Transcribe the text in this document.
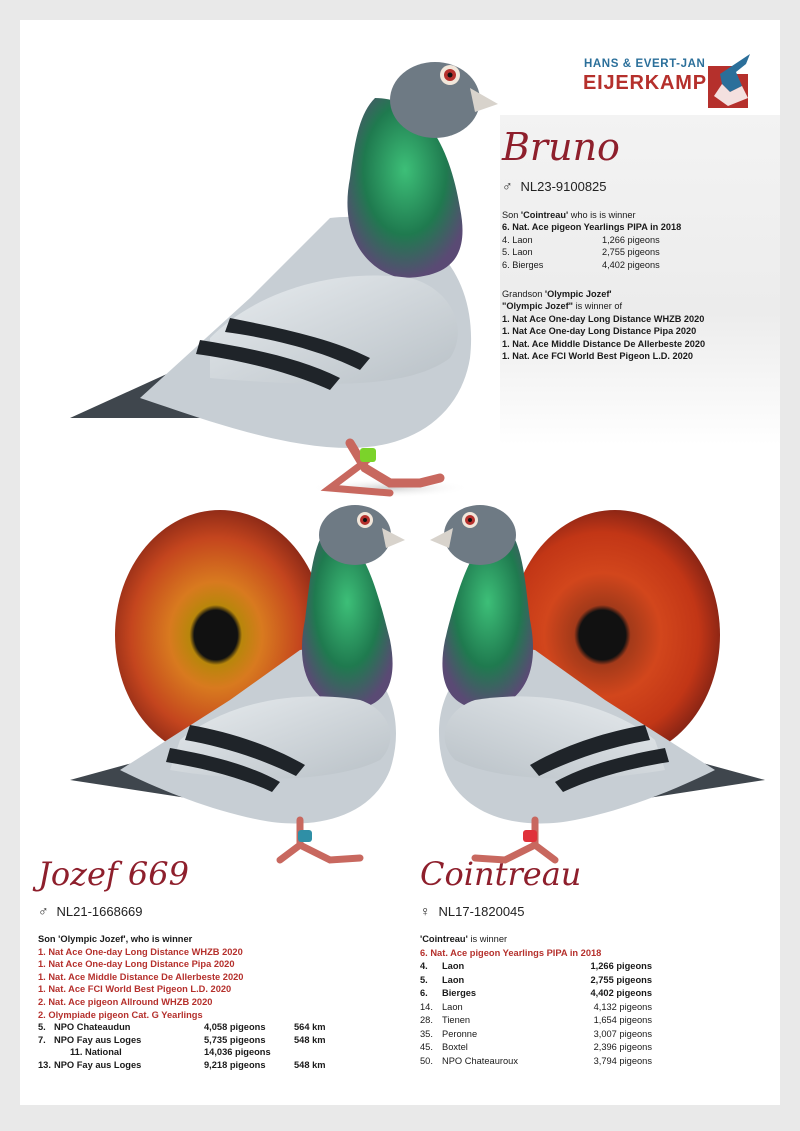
HANS & EVERT-JAN
EIJERKAMP
Bruno
♂ NL23-9100825
Son 'Cointreau' who is is winner
6. Nat. Ace pigeon Yearlings PIPA in 2018
4. Laon	1,266 pigeons
5. Laon	2,755 pigeons
6. Bierges	4,402 pigeons
Grandson 'Olympic Jozef'
"Olympic Jozef" is winner of
1. Nat Ace One-day Long Distance WHZB 2020
1. Nat Ace One-day Long Distance Pipa 2020
1. Nat. Ace Middle Distance De Allerbeste 2020
1. Nat. Ace FCI World Best Pigeon L.D. 2020
Jozef 669
♂ NL21-1668669
Son 'Olympic Jozef', who is winner
1. Nat Ace One-day Long Distance WHZB 2020
1. Nat Ace One-day Long Distance Pipa 2020
1. Nat. Ace Middle Distance De Allerbeste 2020
1. Nat. Ace FCI World Best Pigeon L.D. 2020
2. Nat. Ace pigeon Allround WHZB 2020
2. Olympiade pigeon Cat. G Yearlings
5. NPO Chateaudun	4,058 pigeons	564 km
7. NPO Fay aus Loges	5,735 pigeons	548 km
11. National	14,036 pigeons
13. NPO Fay aus Loges	9,218 pigeons	548 km
Cointreau
♀ NL17-1820045
'Cointreau' is winner
6. Nat. Ace pigeon Yearlings PIPA in 2018
4.	Laon	1,266 pigeons
5.	Laon	2,755 pigeons
6.	Bierges	4,402 pigeons
14. Laon	4,132 pigeons
28. Tienen	1,654 pigeons
35. Peronne	3,007 pigeons
45. Boxtel	2,396 pigeons
50. NPO Chateauroux	3,794 pigeons
